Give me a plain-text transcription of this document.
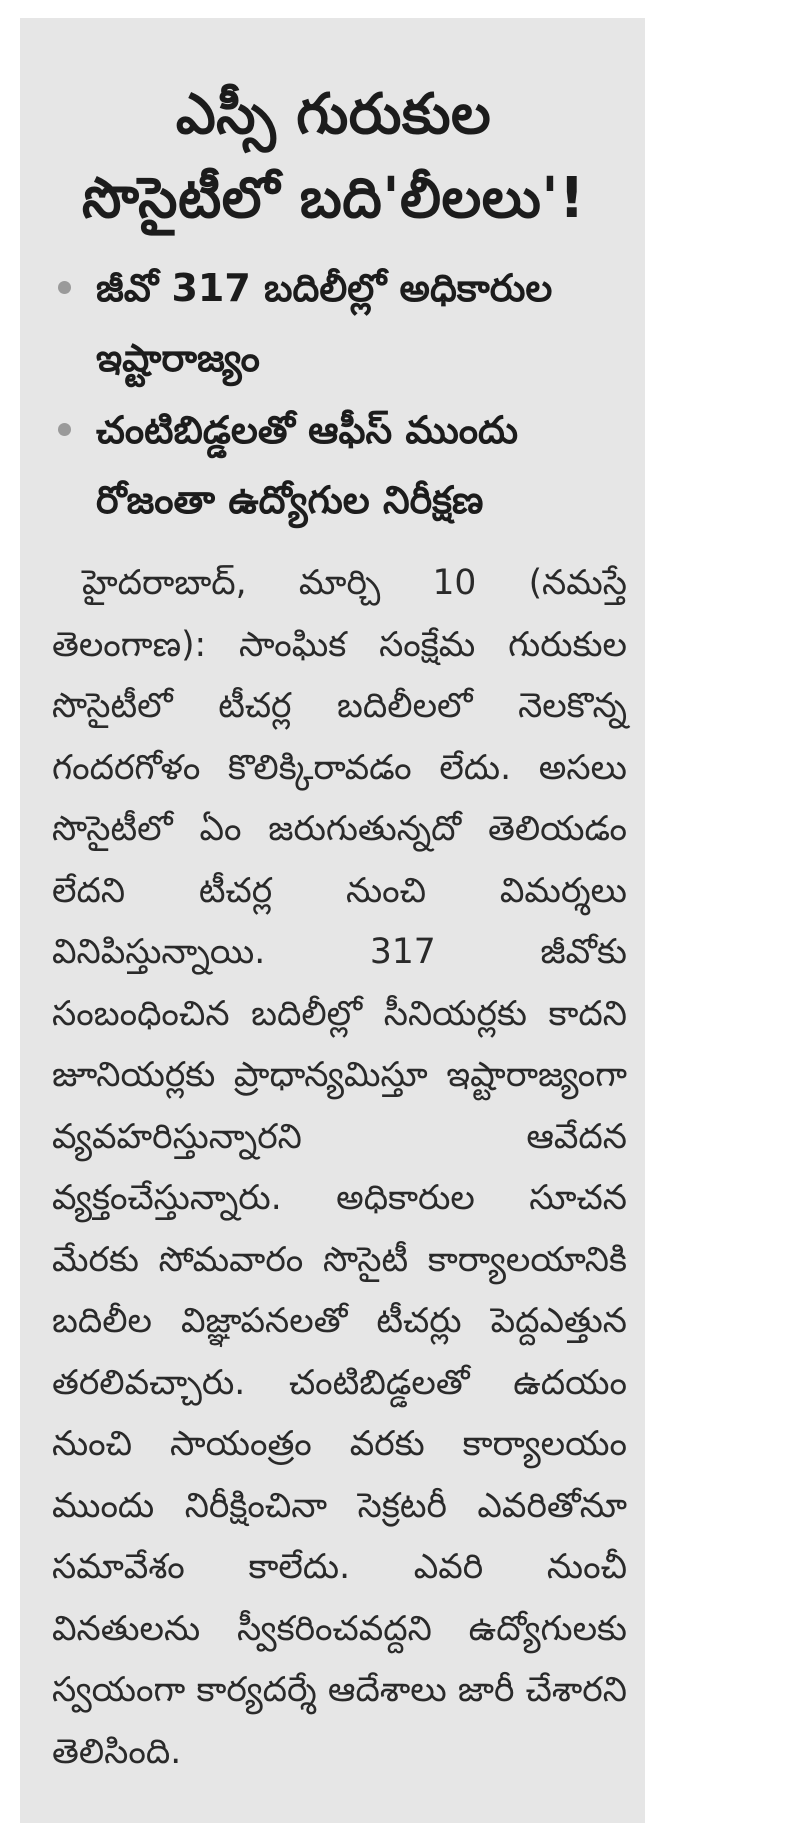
ఎస్సీ గురుకుల
సొసైటీలో బది'లీలలు'!
జీవో 317 బదిలీల్లో అధికారుల ఇష్టారాజ్యం
చంటిబిడ్డలతో ఆఫీస్ ముందు రోజంతా ఉద్యోగుల నిరీక్షణ

హైదరాబాద్, మార్చి 10 (నమస్తే తెలంగాణ): సాంఘిక సంక్షేమ గురుకుల సొసైటీలో టీచర్ల బదిలీలలో నెలకొన్న గందరగోళం కొలిక్కిరావడం లేదు. అసలు సొసైటీలో ఏం జరుగుతున్నదో తెలియడం లేదని టీచర్ల నుంచి విమర్శలు వినిపిస్తున్నాయి. 317 జీవోకు సంబంధించిన బదిలీల్లో సీనియర్లకు కాదని జూనియర్లకు ప్రాధాన్యమిస్తూ ఇష్టారాజ్యంగా వ్యవహరిస్తున్నారని ఆవేదన వ్యక్తంచేస్తున్నారు. అధికారుల సూచన మేరకు సోమవారం సొసైటీ కార్యాలయానికి బదిలీల విజ్ఞాపనలతో టీచర్లు పెద్దఎత్తున తరలివచ్చారు. చంటిబిడ్డలతో ఉదయం నుంచి సాయంత్రం వరకు కార్యాలయం ముందు నిరీక్షించినా సెక్రటరీ ఎవరితోనూ సమావేశం కాలేదు. ఎవరి నుంచీ వినతులను స్వీకరించవద్దని ఉద్యోగులకు స్వయంగా కార్యదర్శే ఆదేశాలు జారీ చేశారని తెలిసింది.
